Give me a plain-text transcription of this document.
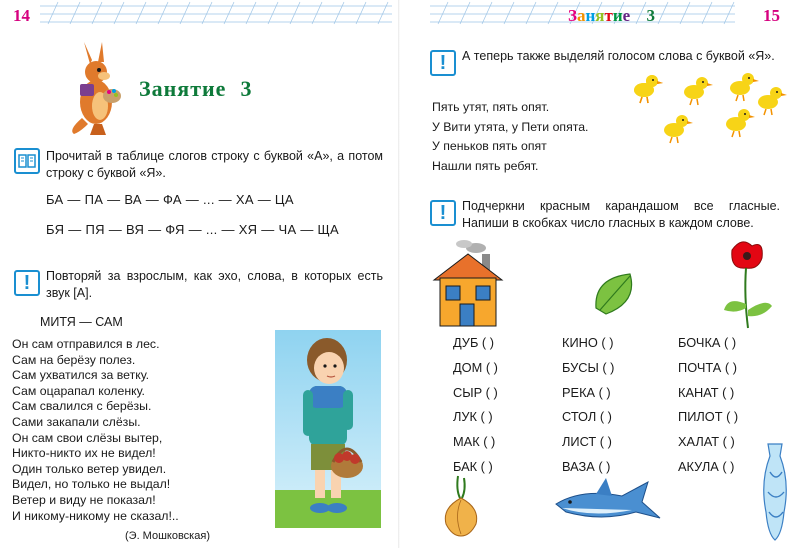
14
Занятие 3
Прочитай в таблице слогов строку с буквой «А», а потом строку с буквой «Я».
БА — ПА — ВА — ФА — ... — ХА — ЦА
БЯ — ПЯ — ВЯ — ФЯ — ... — ХЯ — ЧА — ЩА
! Повторяй за взрослым, как эхо, слова, в которых есть звук [А].
МИТЯ — САМ
Он сам отправился в лес.
Сам на берёзу полез.
Сам ухватился за ветку.
Сам оцарапал коленку.
Сам свалился с берёзы.
Сами закапали слёзы.
Он сам свои слёзы вытер,
Никто-никто их не видел!
Один только ветер увидел.
Видел, но только не выдал!
Ветер и виду не показал!
И никому-никому не сказал!..
(Э. Мошковская)
Занятие 3	15
! А теперь также выделяй голосом слова с буквой «Я».
Пять утят, пять опят.
У Вити утята, у Пети опята.
У пеньков пять опят
Нашли пять ребят.
! Подчеркни красным карандашом все гласные. Напиши в скобках число гласных в каждом слове.
ДУБ ( )
ДОМ ( )
СЫР ( )
ЛУК ( )
МАК ( )
БАК ( )
КИНО ( )
БУСЫ ( )
РЕКА ( )
СТОЛ ( )
ЛИСТ ( )
ВАЗА ( )
БОЧКА ( )
ПОЧТА ( )
КАНАТ ( )
ПИЛОТ ( )
ХАЛАТ ( )
АКУЛА ( )
